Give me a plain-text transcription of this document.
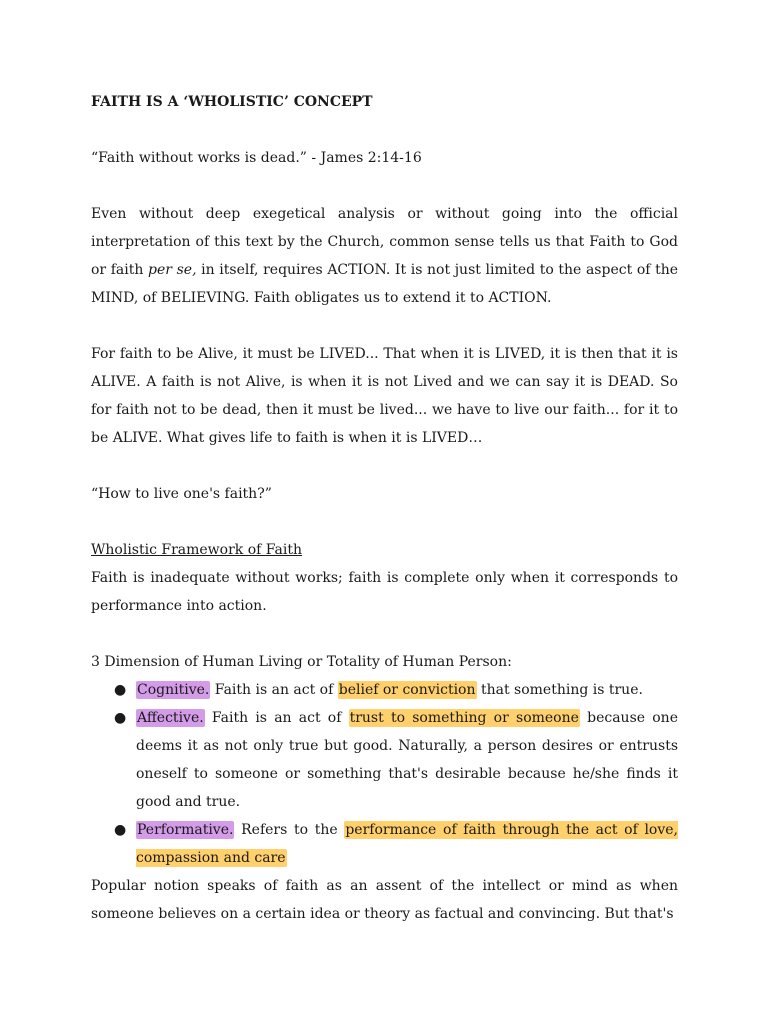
FAITH IS A ‘WHOLISTIC’ CONCEPT
“Faith without works is dead.” - James 2:14-16

Even without deep exegetical analysis or without going into the official interpretation of this text by the Church, common sense tells us that Faith to God or faith per se, in itself, requires ACTION. It is not just limited to the aspect of the MIND, of BELIEVING. Faith obligates us to extend it to ACTION.

For faith to be Alive, it must be LIVED... That when it is LIVED, it is then that it is ALIVE. A faith is not Alive, is when it is not Lived and we can say it is DEAD. So for faith not to be dead, then it must be lived... we have to live our faith... for it to be ALIVE. What gives life to faith is when it is LIVED…

“How to live one's faith?”
Wholistic Framework of Faith

Faith is inadequate without works; faith is complete only when it corresponds to performance into action.

3 Dimension of Human Living or Totality of Human Person:
● Cognitive. Faith is an act of belief or conviction that something is true.
● Affective. Faith is an act of trust to something or someone because one deems it as not only true but good. Naturally, a person desires or entrusts oneself to someone or something that's desirable because he/she finds it good and true.
● Performative. Refers to the performance of faith through the act of love, compassion and care

Popular notion speaks of faith as an assent of the intellect or mind as when someone believes on a certain idea or theory as factual and convincing. But that's
